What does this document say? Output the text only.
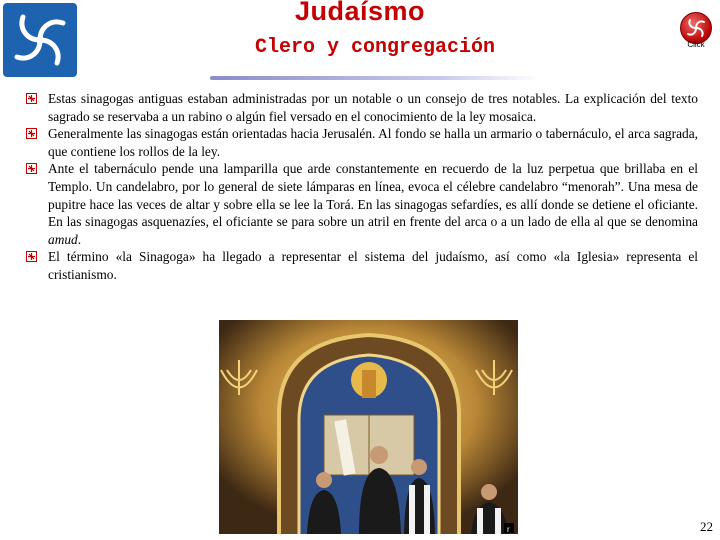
Judaísmo
Clero y congregación	Click
Estas sinagogas antiguas estaban administradas por un notable o un consejo de tres notables. La explicación del texto sagrado se reservaba a un rabino o algún fiel versado en el conocimiento de la ley mosaica.
Generalmente las sinagogas están orientadas hacia Jerusalén. Al fondo se halla un armario o tabernáculo, el arca sagrada, que contiene los rollos de la ley.
Ante el tabernáculo pende una lamparilla que arde constantemente en recuerdo de la luz perpetua que brillaba en el Templo. Un candelabro, por lo general de siete lámparas en línea, evoca el célebre candelabro “menorah”. Una mesa de pupitre hace las veces de altar y sobre ella se lee la Torá. En las sinagogas sefardíes, es allí donde se detiene el oficiante. En las sinagogas asquenazíes, el oficiante se para sobre un atril en frente del arca o a un lado de ella al que se denomina amud.
El término «la Sinagoga» ha llegado a representar el sistema del judaísmo, así como «la Iglesia» representa el cristianismo.
r	22
